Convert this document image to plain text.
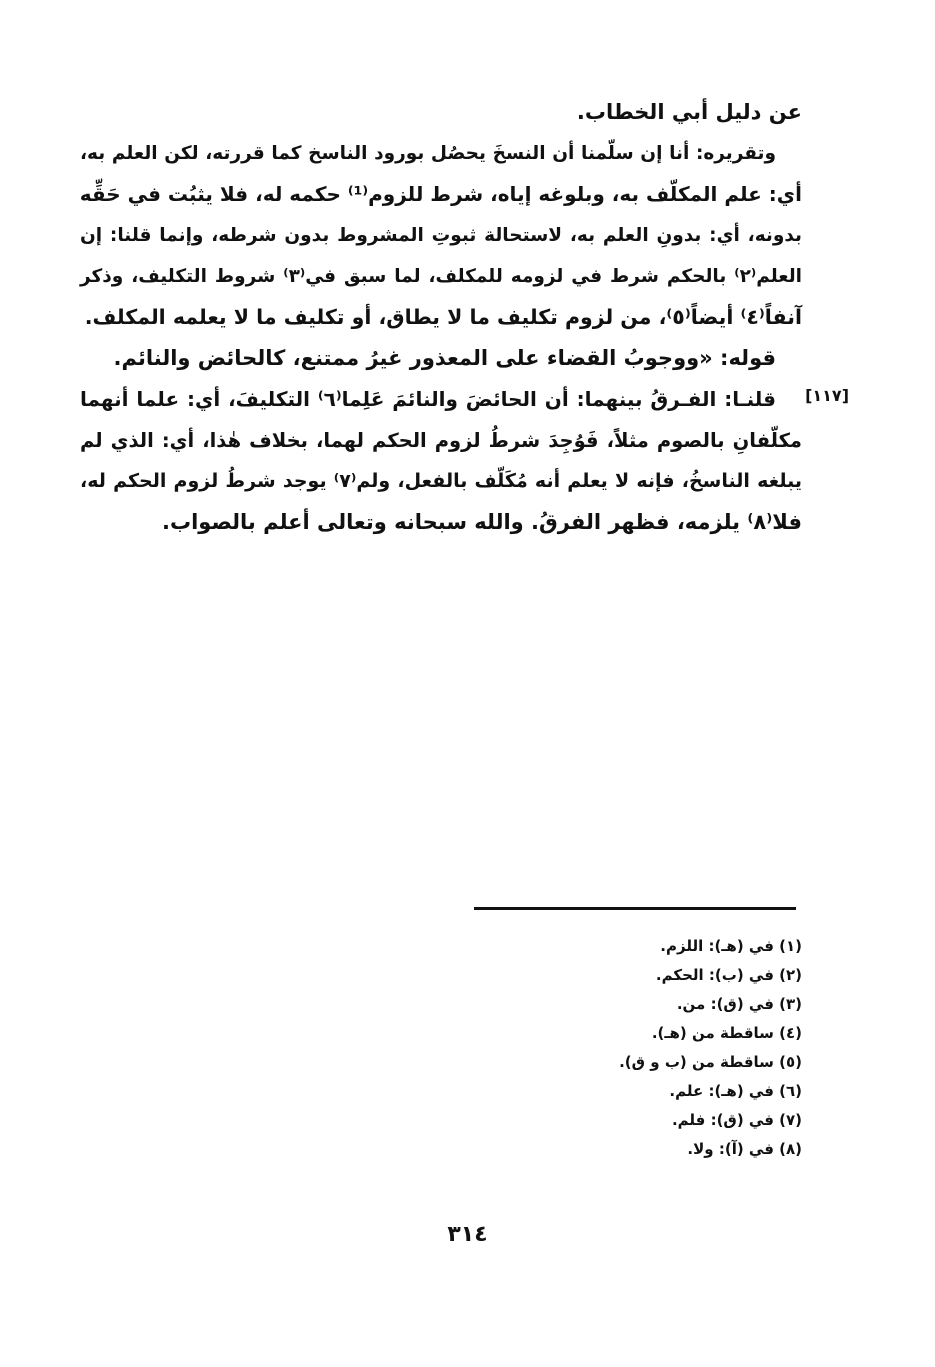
[١١٧]
عن دليل أبي الخطاب.
وتقريره: أنا إن سلّمنا أن النسخَ يحصُل بورود الناسخ كما قررته، لكن العلم به،
أي: علم المكلّف به، وبلوغه إياه، شرط للزوم⁽¹⁾ حكمه له، فلا يثبُت في حَقِّه
بدونه، أي: بدونِ العلم به، لاستحالة ثبوتِ المشروط بدون شرطه، وإنما قلنا: إن
العلم⁽٢⁾ بالحكم شرط في لزومه للمكلف، لما سبق في⁽٣⁾ شروط التكليف، وذكر
آنفاً⁽٤⁾ أيضاً⁽٥⁾، من لزوم تكليف ما لا يطاق، أو تكليف ما لا يعلمه المكلف.
قوله: «ووجوبُ القضاء على المعذور غيرُ ممتنع، كالحائض والنائم.
قلنـا: الفـرقُ بينهما: أن الحائضَ والنائمَ عَلِما⁽٦⁾ التكليفَ، أي: علما أنهما
مكلّفانِ بالصوم مثلاً، فَوُجِدَ شرطُ لزوم الحكم لهما، بخلاف هٰذا، أي: الذي لم
يبلغه الناسخُ، فإنه لا يعلم أنه مُكَلّف بالفعل، ولم⁽٧⁾ يوجد شرطُ لزوم الحكم له،
فلا⁽٨⁾ يلزمه، فظهر الفرقُ. والله سبحانه وتعالى أعلم بالصواب.
(١) في (هـ): اللزم.
(٢) في (ب): الحكم.
(٣) في (ق): من.
(٤) ساقطة من (هـ).
(٥) ساقطة من (ب و ق).
(٦) في (هـ): علم.
(٧) في (ق): فلم.
(٨) في (آ): ولا.
٣١٤
